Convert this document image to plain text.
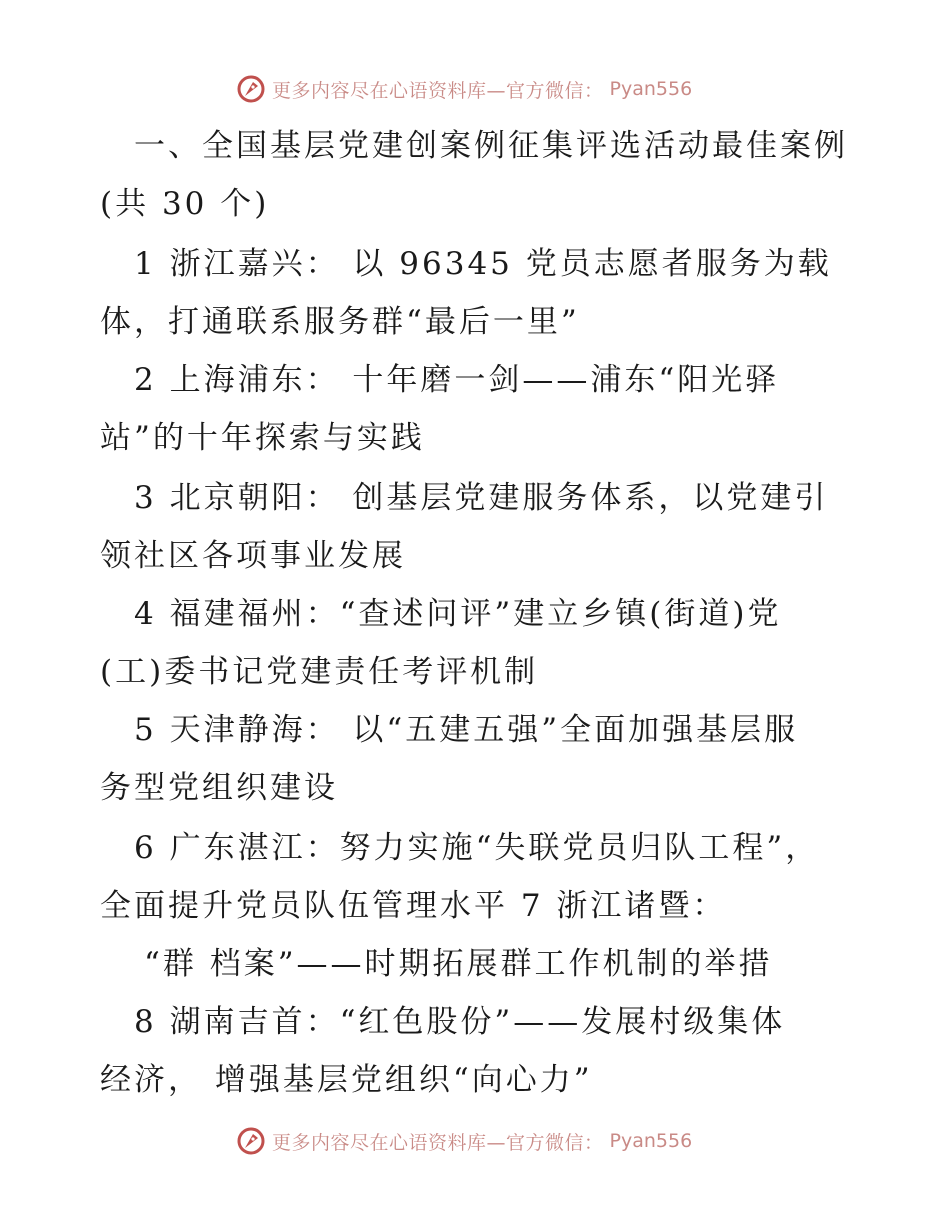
更多内容尽在心语资料库—官方微信： Pyan556
一、全国基层党建创案例征集评选活动最佳案例
(共 30 个)
1 浙江嘉兴： 以 96345 党员志愿者服务为载
体，打通联系服务群“最后一里”
2 上海浦东： 十年磨一剑——浦东“阳光驿
站”的十年探索与实践
3 北京朝阳： 创基层党建服务体系，以党建引
领社区各项事业发展
4 福建福州：“查述问评”建立乡镇(街道)党
(工)委书记党建责任考评机制
5 天津静海： 以“五建五强”全面加强基层服
务型党组织建设
6 广东湛江：努力实施“失联党员归队工程”，
全面提升党员队伍管理水平 7 浙江诸暨：
“群 档案”——时期拓展群工作机制的举措
8 湖南吉首：“红色股份”——发展村级集体
经济， 增强基层党组织“向心力”
更多内容尽在心语资料库—官方微信： Pyan556
